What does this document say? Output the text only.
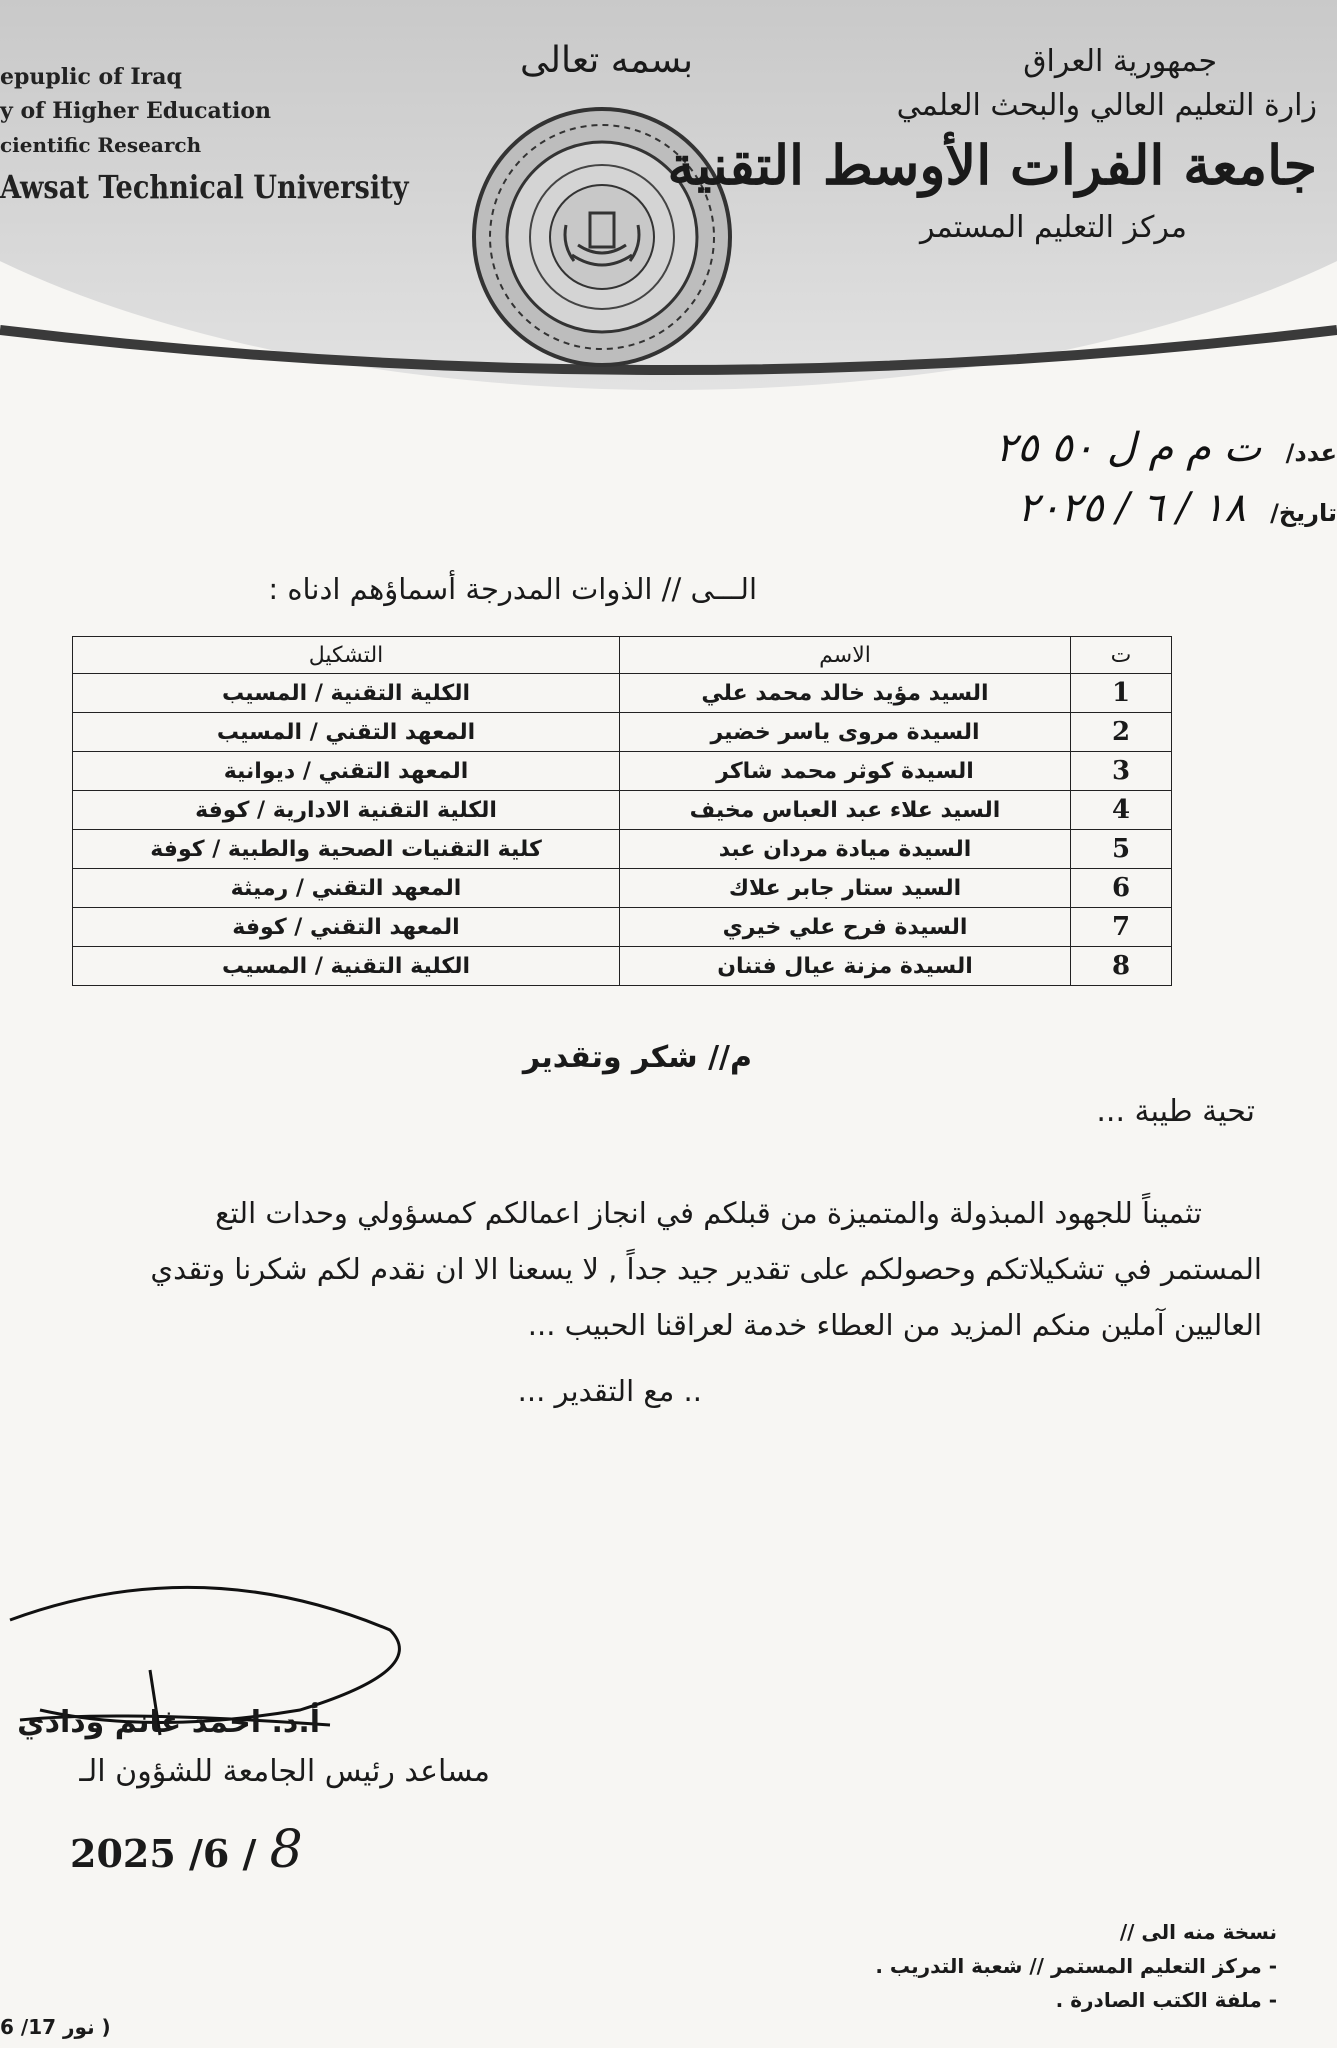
epuplic of Iraq
y of Higher Education
cientific Research
Awsat Technical University
بسمه تعالى	جمهورية العراق
زارة التعليم العالي والبحث العلمي
جامعة الفرات الأوسط التقنية
مركز التعليم المستمر
عدد/ ت م م ل ٥٠ ٢٥
تاريخ/ ١٨ / ٦ / ٢٠٢٥
الـــى // الذوات المدرجة أسماؤهم ادناه :
ت	الاسم	التشكيل
1	السيد مؤيد خالد محمد علي	الكلية التقنية / المسيب
2	السيدة مروى ياسر خضير	المعهد التقني / المسيب
3	السيدة كوثر محمد شاكر	المعهد التقني / ديوانية
4	السيد علاء عبد العباس مخيف	الكلية التقنية الادارية / كوفة
5	السيدة ميادة مردان عبد	كلية التقنيات الصحية والطبية / كوفة
6	السيد ستار جابر علاك	المعهد التقني / رميثة
7	السيدة فرح علي خيري	المعهد التقني / كوفة
8	السيدة مزنة عيال فتنان	الكلية التقنية / المسيب
م// شكر وتقدير
تحية طيبة ...
تثميناً للجهود المبذولة والمتميزة من قبلكم في انجاز اعمالكم كمسؤولي وحدات التع
المستمر في تشكيلاتكم وحصولكم على تقدير جيد جداً , لا يسعنا الا ان نقدم لكم شكرنا وتقدي
العاليين آملين منكم المزيد من العطاء خدمة لعراقنا الحبيب ...
.. مع التقدير ...
أ.د. احمد غانم ودادي
مساعد رئيس الجامعة للشؤون الـ
2025 /6 / 8
نسخة منه الى //
- مركز التعليم المستمر // شعبة التدريب .
- ملفة الكتب الصادرة .
( نور 17/ 6
